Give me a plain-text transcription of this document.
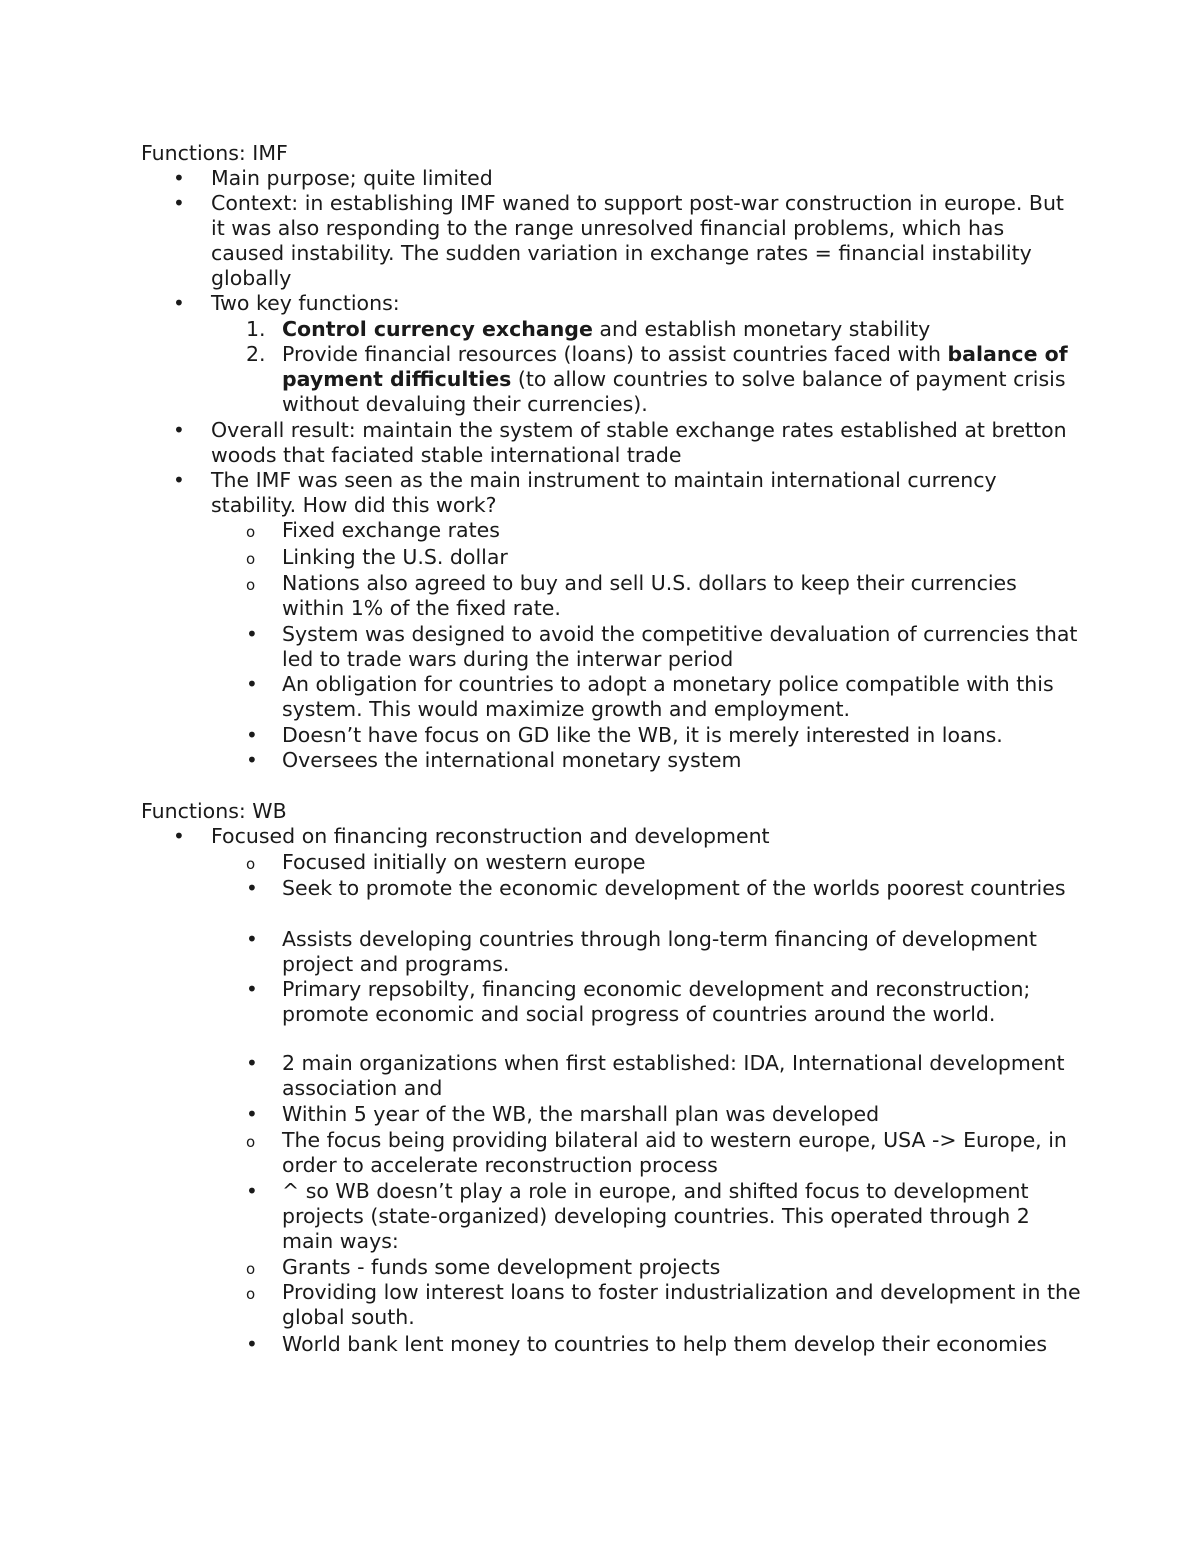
Functions: IMF
• Main purpose; quite limited
• Context: in establishing IMF waned to support post-war construction in europe. But it was also responding to the range unresolved financial problems, which has caused instability. The sudden variation in exchange rates = financial instability globally
• Two key functions:
1. Control currency exchange and establish monetary stability
2. Provide financial resources (loans) to assist countries faced with balance of payment difficulties (to allow countries to solve balance of payment crisis without devaluing their currencies).
• Overall result: maintain the system of stable exchange rates established at bretton woods that faciated stable international trade
• The IMF was seen as the main instrument to maintain international currency stability. How did this work?
o Fixed exchange rates
o Linking the U.S. dollar
o Nations also agreed to buy and sell U.S. dollars to keep their currencies within 1% of the fixed rate.
• System was designed to avoid the competitive devaluation of currencies that led to trade wars during the interwar period
• An obligation for countries to adopt a monetary police compatible with this system. This would maximize growth and employment.
• Doesn’t have focus on GD like the WB, it is merely interested in loans.
• Oversees the international monetary system
Functions: WB
• Focused on financing reconstruction and development
o Focused initially on western europe
• Seek to promote the economic development of the worlds poorest countries
• Assists developing countries through long-term financing of development project and programs.
• Primary repsobilty, financing economic development and reconstruction; promote economic and social progress of countries around the world.
• 2 main organizations when first established: IDA, International development association and
• Within 5 year of the WB, the marshall plan was developed
o The focus being providing bilateral aid to western europe, USA -> Europe, in order to accelerate reconstruction process
• ^ so WB doesn’t play a role in europe, and shifted focus to development projects (state-organized) developing countries. This operated through 2 main ways:
o Grants - funds some development projects
o Providing low interest loans to foster industrialization and development in the global south.
• World bank lent money to countries to help them develop their economies
